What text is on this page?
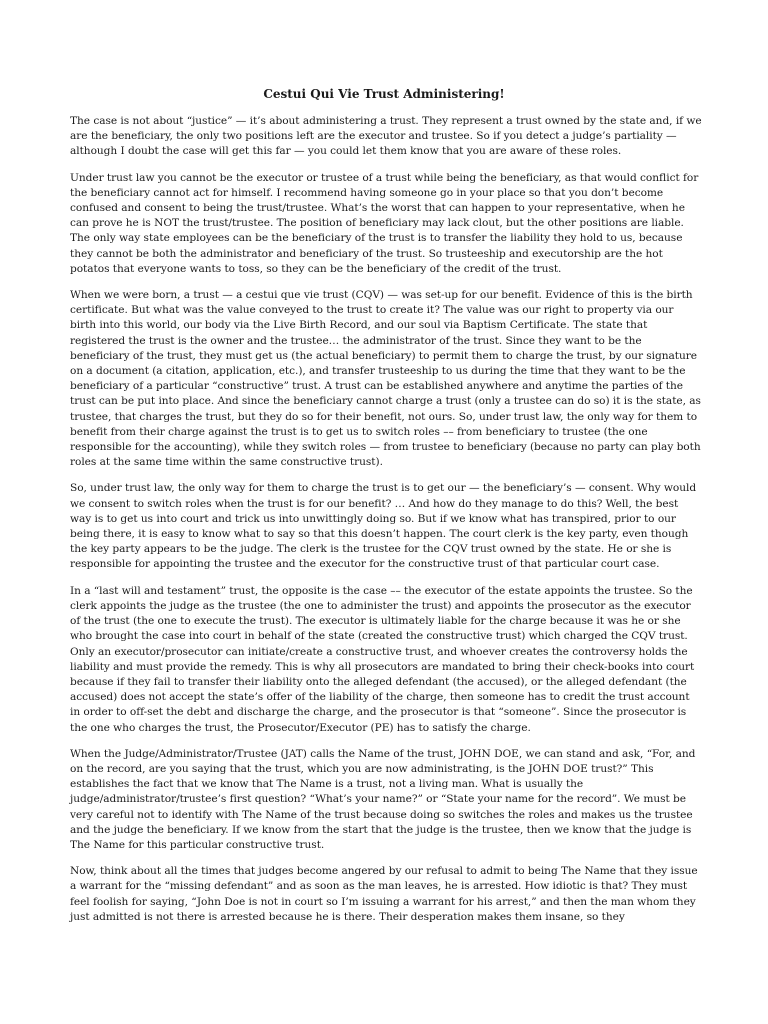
Cestui Qui Vie Trust Administering!

The case is not about “justice” — it’s about administering a trust. They represent a trust owned by the state and, if we are the beneficiary, the only two positions left are the executor and trustee. So if you detect a judge’s partiality — although I doubt the case will get this far — you could let them know that you are aware of these roles.

Under trust law you cannot be the executor or trustee of a trust while being the beneficiary, as that would conflict for the beneficiary cannot act for himself. I recommend having someone go in your place so that you don’t become confused and consent to being the trust/trustee. What’s the worst that can happen to your representative, when he can prove he is NOT the trust/trustee. The position of beneficiary may lack clout, but the other positions are liable. The only way state employees can be the beneficiary of the trust is to transfer the liability they hold to us, because they cannot be both the administrator and beneficiary of the trust. So trusteeship and executorship are the hot potatos that everyone wants to toss, so they can be the beneficiary of the credit of the trust.

When we were born, a trust — a cestui que vie trust (CQV) — was set-up for our benefit. Evidence of this is the birth certificate. But what was the value conveyed to the trust to create it? The value was our right to property via our birth into this world, our body via the Live Birth Record, and our soul via Baptism Certificate. The state that registered the trust is the owner and the trustee… the administrator of the trust. Since they want to be the beneficiary of the trust, they must get us (the actual beneficiary) to permit them to charge the trust, by our signature on a document (a citation, application, etc.), and transfer trusteeship to us during the time that they want to be the beneficiary of a particular “constructive” trust. A trust can be established anywhere and anytime the parties of the trust can be put into place. And since the beneficiary cannot charge a trust (only a trustee can do so) it is the state, as trustee, that charges the trust, but they do so for their benefit, not ours. So, under trust law, the only way for them to benefit from their charge against the trust is to get us to switch roles –– from beneficiary to trustee (the one responsible for the accounting), while they switch roles — from trustee to beneficiary (because no party can play both roles at the same time within the same constructive trust).

So, under trust law, the only way for them to charge the trust is to get our — the beneficiary’s — consent. Why would we consent to switch roles when the trust is for our benefit? … And how do they manage to do this? Well, the best way is to get us into court and trick us into unwittingly doing so. But if we know what has transpired, prior to our being there, it is easy to know what to say so that this doesn’t happen. The court clerk is the key party, even though the key party appears to be the judge. The clerk is the trustee for the CQV trust owned by the state. He or she is responsible for appointing the trustee and the executor for the constructive trust of that particular court case.

In a “last will and testament” trust, the opposite is the case –– the executor of the estate appoints the trustee. So the clerk appoints the judge as the trustee (the one to administer the trust) and appoints the prosecutor as the executor of the trust (the one to execute the trust). The executor is ultimately liable for the charge because it was he or she who brought the case into court in behalf of the state (created the constructive trust) which charged the CQV trust. Only an executor/prosecutor can initiate/create a constructive trust, and whoever creates the controversy holds the liability and must provide the remedy. This is why all prosecutors are mandated to bring their check-books into court because if they fail to transfer their liability onto the alleged defendant (the accused), or the alleged defendant (the accused) does not accept the state’s offer of the liability of the charge, then someone has to credit the trust account in order to off-set the debt and discharge the charge, and the prosecutor is that “someone”. Since the prosecutor is the one who charges the trust, the Prosecutor/Executor (PE) has to satisfy the charge.

When the Judge/Administrator/Trustee (JAT) calls the Name of the trust, JOHN DOE, we can stand and ask, “For, and on the record, are you saying that the trust, which you are now administrating, is the JOHN DOE trust?” This establishes the fact that we know that The Name is a trust, not a living man. What is usually the judge/administrator/trustee’s first question? “What’s your name?” or “State your name for the record”. We must be very careful not to identify with The Name of the trust because doing so switches the roles and makes us the trustee and the judge the beneficiary. If we know from the start that the judge is the trustee, then we know that the judge is The Name for this particular constructive trust.

Now, think about all the times that judges become angered by our refusal to admit to being The Name that they issue a warrant for the “missing defendant” and as soon as the man leaves, he is arrested. How idiotic is that? They must feel foolish for saying, “John Doe is not in court so I’m issuing a warrant for his arrest,” and then the man whom they just admitted is not there is arrested because he is there. Their desperation makes them insane, so they
